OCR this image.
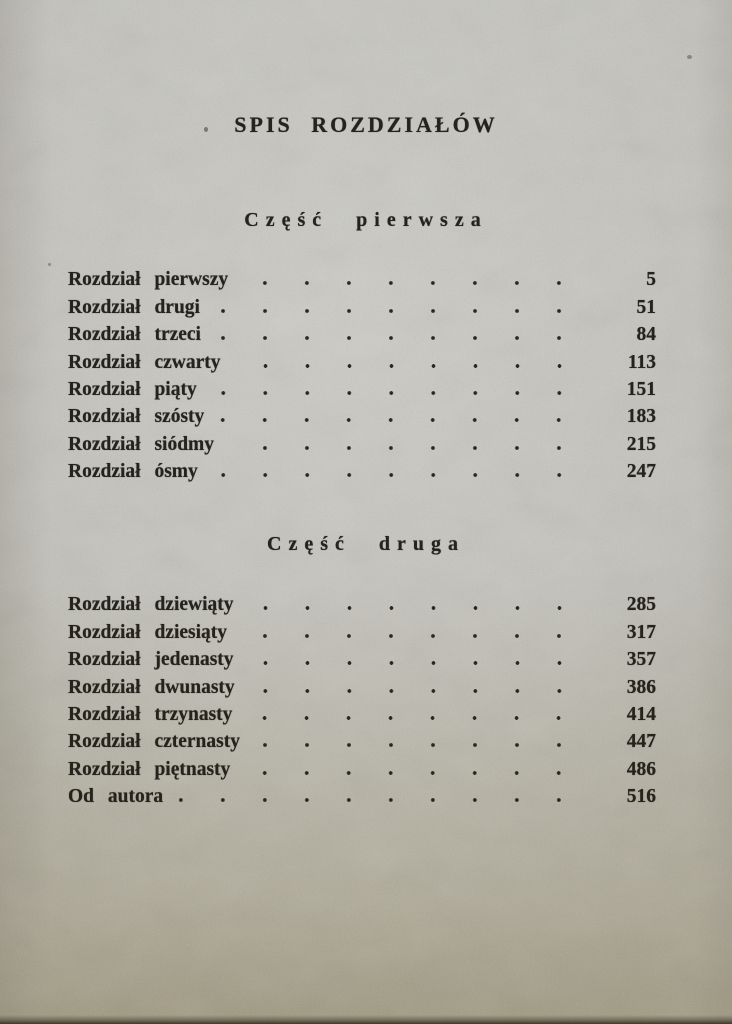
SPIS ROZDZIAŁÓW
Część pierwsza
Rozdział pierwszy	5
Rozdział drugi	51
Rozdział trzeci	84
Rozdział czwarty	113
Rozdział piąty	151
Rozdział szósty	183
Rozdział siódmy	215
Rozdział ósmy	247
Część druga
Rozdział dziewiąty	285
Rozdział dziesiąty	317
Rozdział jedenasty	357
Rozdział dwunasty	386
Rozdział trzynasty	414
Rozdział czternasty	447
Rozdział piętnasty	486
Od autora	516
